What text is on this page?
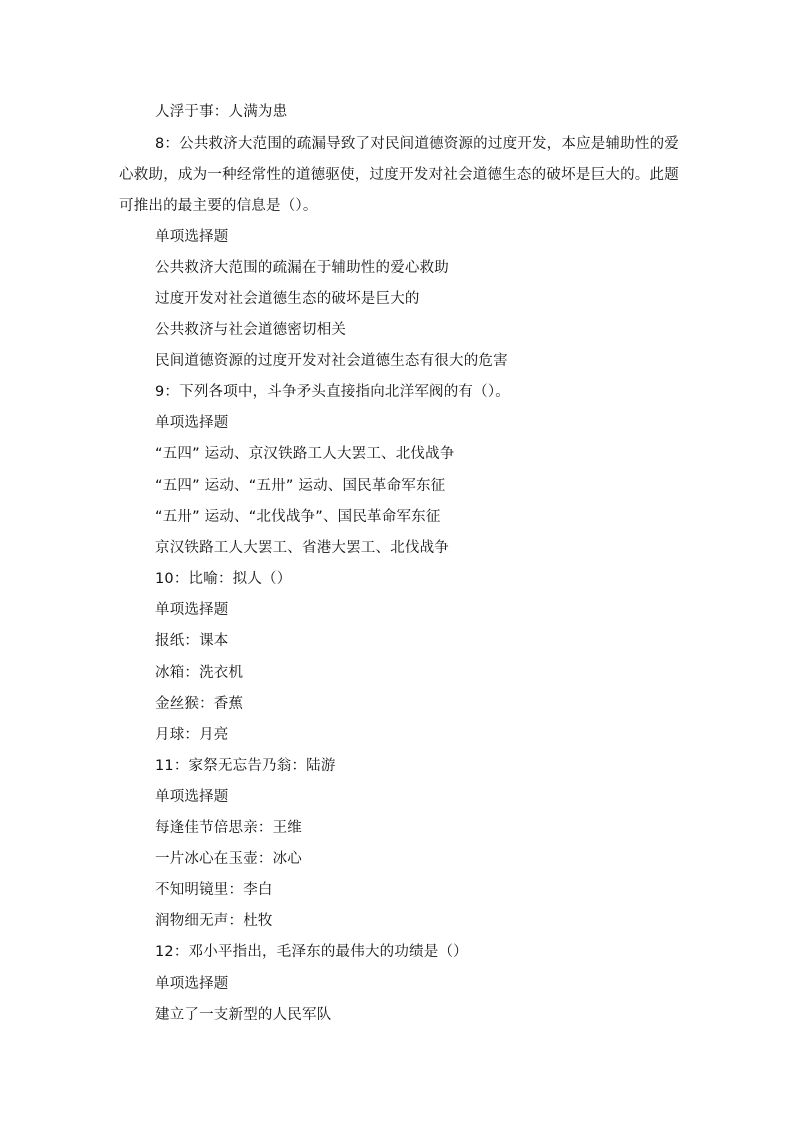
人浮于事：人满为患
8：公共救济大范围的疏漏导致了对民间道德资源的过度开发，本应是辅助性的爱心救助，成为一种经常性的道德驱使，过度开发对社会道德生态的破坏是巨大的。此题可推出的最主要的信息是（）。
单项选择题
公共救济大范围的疏漏在于辅助性的爱心救助
过度开发对社会道德生态的破坏是巨大的
公共救济与社会道德密切相关
民间道德资源的过度开发对社会道德生态有很大的危害
9：下列各项中，斗争矛头直接指向北洋军阀的有（）。
单项选择题
“五四” 运动、京汉铁路工人大罢工、北伐战争
“五四” 运动、“五卅” 运动、国民革命军东征
“五卅” 运动、“北伐战争”、国民革命军东征
京汉铁路工人大罢工、省港大罢工、北伐战争
10：比喻：拟人（）
单项选择题
报纸：课本
冰箱：洗衣机
金丝猴：香蕉
月球：月亮
11：家祭无忘告乃翁：陆游
单项选择题
每逢佳节倍思亲：王维
一片冰心在玉壶：冰心
不知明镜里：李白
润物细无声：杜牧
12：邓小平指出，毛泽东的最伟大的功绩是（）
单项选择题
建立了一支新型的人民军队
